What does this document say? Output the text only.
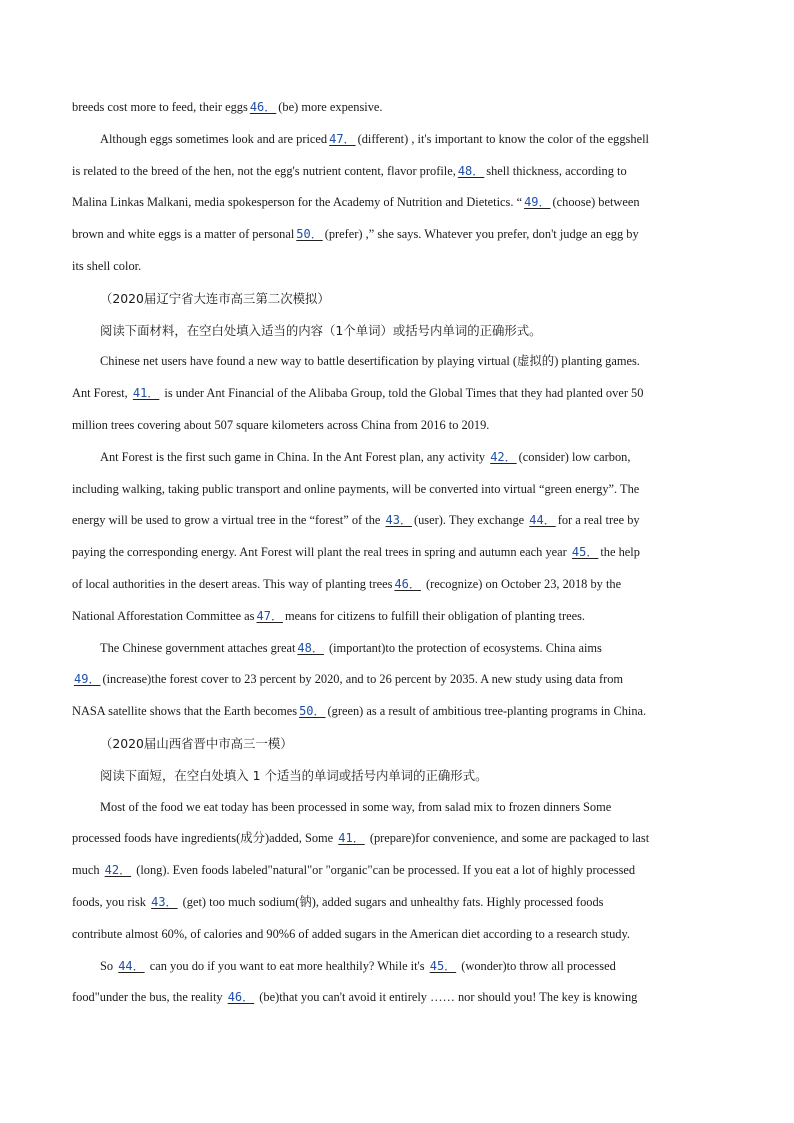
breeds cost more to feed, their eggs 46． (be) more expensive.
Although eggs sometimes look and are priced 47． (different) , it's important to know the color of the eggshell
is related to the breed of the hen, not the egg's nutrient content, flavor profile, 48． shell thickness, according to
Malina Linkas Malkani, media spokesperson for the Academy of Nutrition and Dietetics. “ 49． (choose) between
brown and white eggs is a matter of personal 50． (prefer) ,” she says. Whatever you prefer, don't judge an egg by
its shell color.
（2020届辽宁省大连市高三第二次模拟）
阅读下面材料，在空白处填入适当的内容（1个单词）或括号内单词的正确形式。
Chinese net users have found a new way to battle desertification by playing virtual (虚拟的) planting games.
Ant Forest, 41． is under Ant Financial of the Alibaba Group, told the Global Times that they had planted over 50
million trees covering about 507 square kilometers across China from 2016 to 2019.
Ant Forest is the first such game in China. In the Ant Forest plan, any activity 42． (consider) low carbon,
including walking, taking public transport and online payments, will be converted into virtual “green energy”. The
energy will be used to grow a virtual tree in the “forest” of the 43． (user). They exchange 44． for a real tree by
paying the corresponding energy. Ant Forest will plant the real trees in spring and autumn each year 45． the help
of local authorities in the desert areas. This way of planting trees 46． (recognize) on October 23, 2018 by the
National Afforestation Committee as 47． means for citizens to fulfill their obligation of planting trees.
The Chinese government attaches great 48． (important)to the protection of ecosystems. China aims
49． (increase)the forest cover to 23 percent by 2020, and to 26 percent by 2035. A new study using data from
NASA satellite shows that the Earth becomes 50． (green) as a result of ambitious tree-planting programs in China.
（2020届山西省晋中市高三一模）
阅读下面短，在空白处填入 1 个适当的单词或括号内单词的正确形式。
Most of the food we eat today has been processed in some way, from salad mix to frozen dinners Some
processed foods have ingredients(成分)added, Some 41． (prepare)for convenience, and some are packaged to last
much 42． (long). Even foods labeled"natural"or "organic"can be processed. If you eat a lot of highly processed
foods, you risk 43． (get) too much sodium(钠), added sugars and unhealthy fats. Highly processed foods
contribute almost 60%, of calories and 90%6 of added sugars in the American diet according to a research study.
So 44． can you do if you want to eat more healthily? While it's 45． (wonder)to throw all processed
food"under the bus, the reality 46． (be)that you can't avoid it entirely …… nor should you! The key is knowing
